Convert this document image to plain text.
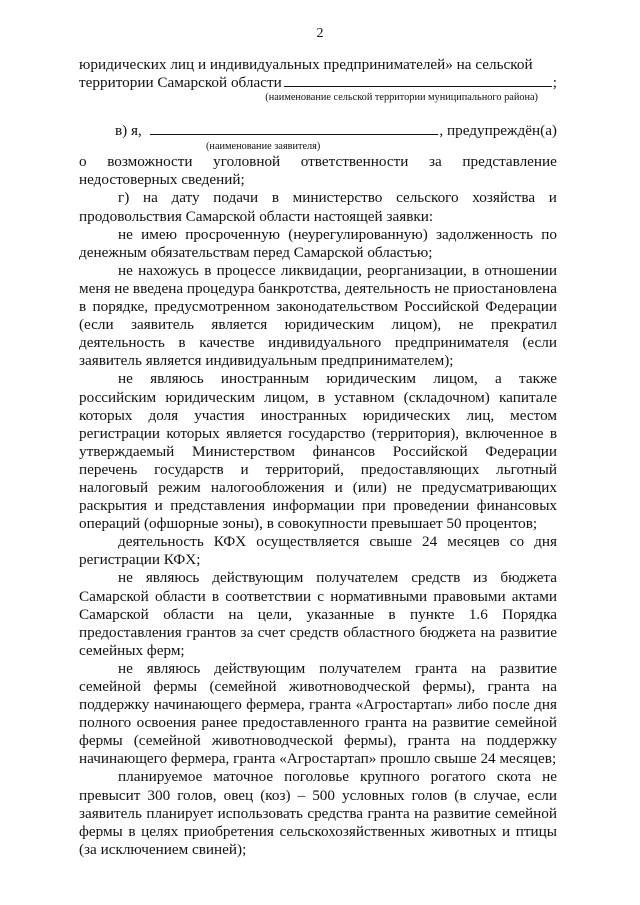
2

юридических лиц и индивидуальных предпринимателей» на сельской

территории Самарской области	;
(наименование сельской территории муниципального района)
в) я,	, предупреждён(а)
(наименование заявителя)
о возможности уголовной ответственности за представление

недостоверных сведений;

г) на дату подачи в министерство сельского хозяйства и

продовольствия Самарской области настоящей заявки:

не имею просроченную (неурегулированную) задолженность по денежным обязательствам перед Самарской областью;

не нахожусь в процессе ликвидации, реорганизации, в отношении меня не введена процедура банкротства, деятельность не приостановлена в порядке, предусмотренном законодательством Российской Федерации (если заявитель является юридическим лицом), не прекратил деятельность в качестве индивидуального предпринимателя (если заявитель является индивидуальным предпринимателем);

не являюсь иностранным юридическим лицом, а также российским юридическим лицом, в уставном (складочном) капитале которых доля участия иностранных юридических лиц, местом регистрации которых является государство (территория), включенное в утверждаемый Министерством финансов Российской Федерации перечень государств и территорий, предоставляющих льготный налоговый режим налогообложения и (или) не предусматривающих раскрытия и представления информации при проведении финансовых операций (офшорные зоны), в совокупности превышает 50 процентов;

деятельность КФХ осуществляется свыше 24 месяцев со дня регистрации КФХ;

не являюсь действующим получателем средств из бюджета Самарской области в соответствии с нормативными правовыми актами Самарской области на цели, указанные в пункте 1.6 Порядка предоставления грантов за счет средств областного бюджета на развитие семейных ферм;

не являюсь действующим получателем гранта на развитие семейной фермы (семейной животноводческой фермы), гранта на поддержку начинающего фермера, гранта «Агростартап» либо после дня полного освоения ранее предоставленного гранта на развитие семейной фермы (семейной животноводческой фермы), гранта на поддержку начинающего фермера, гранта «Агростартап» прошло свыше 24 месяцев;

планируемое маточное поголовье крупного рогатого скота не превысит 300 голов, овец (коз) – 500 условных голов (в случае, если заявитель планирует использовать средства гранта на развитие семейной фермы в целях приобретения сельскохозяйственных животных и птицы (за исключением свиней);
